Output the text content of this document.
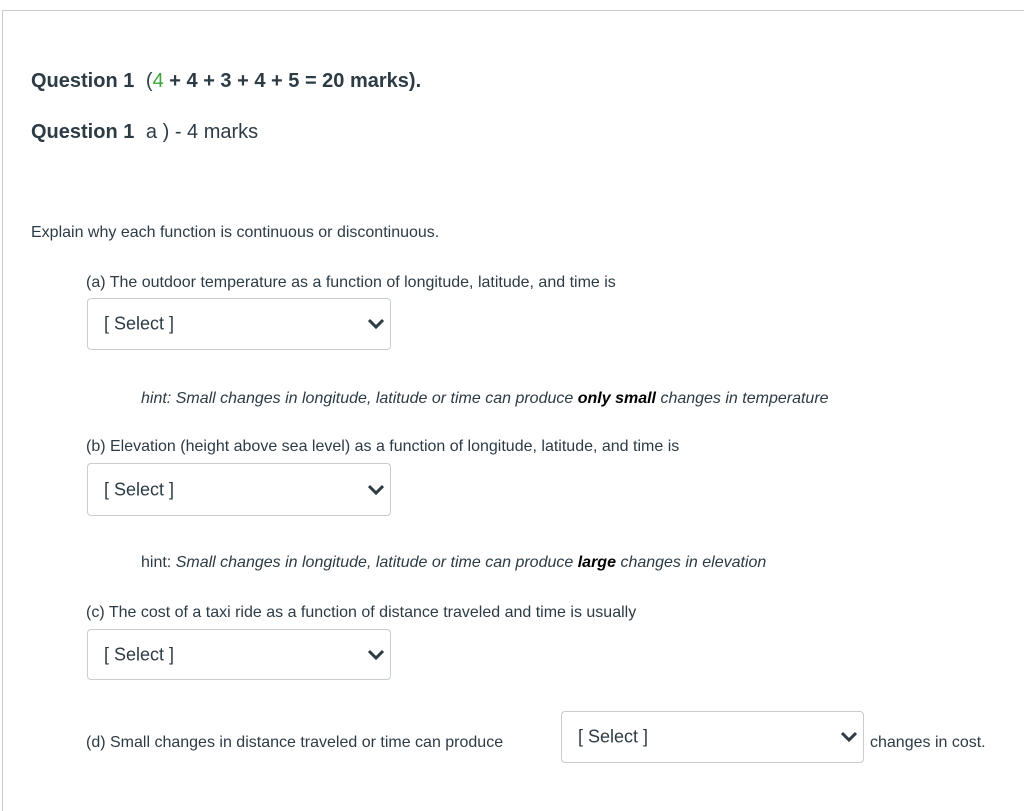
Question 1 (4 + 4 + 3 + 4 + 5 = 20 marks).
Question 1 a ) - 4 marks
Explain why each function is continuous or discontinuous.
(a) The outdoor temperature as a function of longitude, latitude, and time is
[ Select ]
hint: Small changes in longitude, latitude or time can produce only small changes in temperature
(b) Elevation (height above sea level) as a function of longitude, latitude, and time is
[ Select ]
hint: Small changes in longitude, latitude or time can produce large changes in elevation
(c) The cost of a taxi ride as a function of distance traveled and time is usually
[ Select ]
(d) Small changes in distance traveled or time can produce	[ Select ]	changes in cost.
